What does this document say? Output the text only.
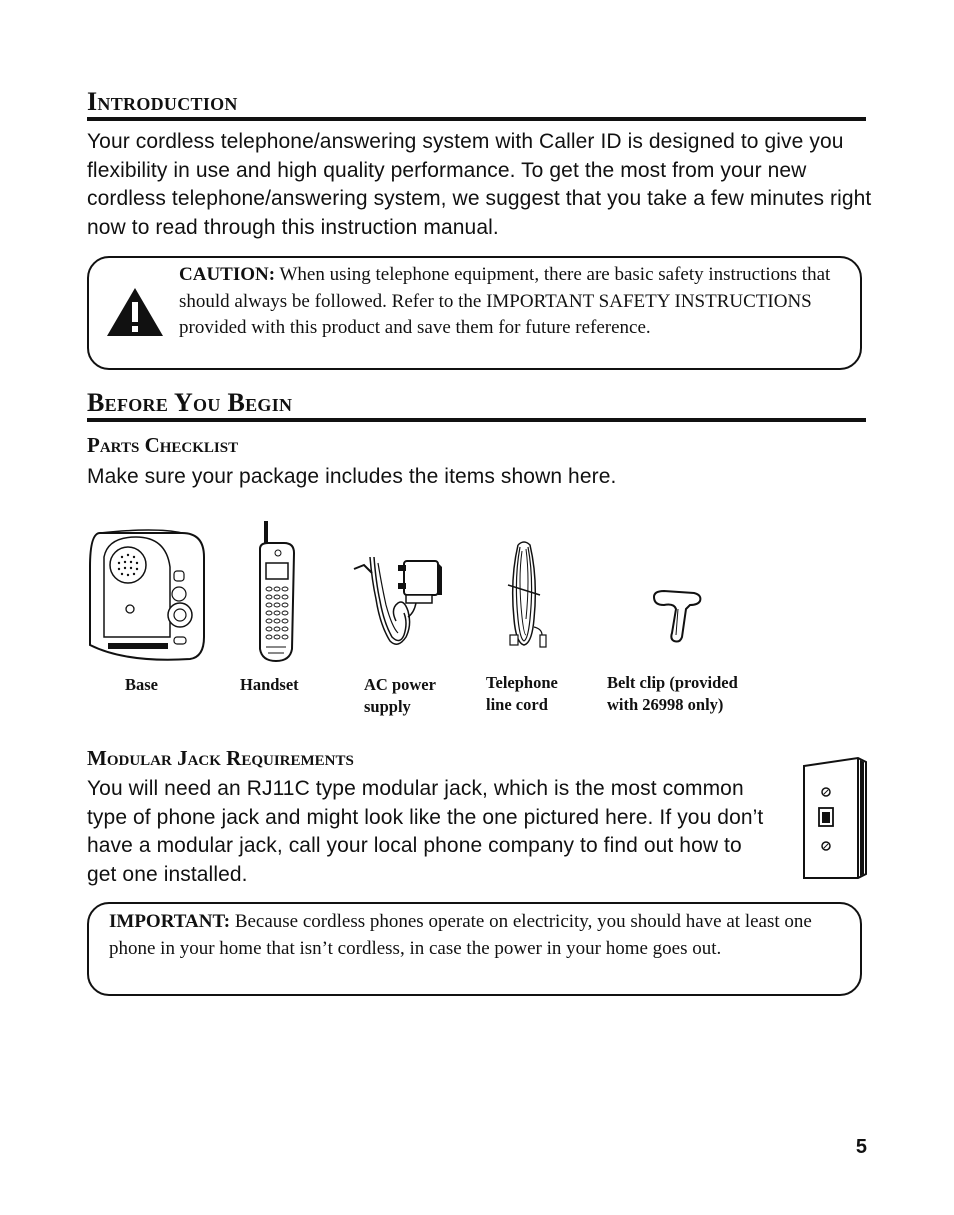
Introduction

Your cordless telephone/answering system with Caller ID is designed to give you flexibility in use and high quality performance. To get the most from your new cordless telephone/answering system, we suggest that you take a few minutes right now to read through this instruction manual.

CAUTION: When using telephone equipment, there are basic safety instructions that should always be followed. Refer to the IMPORTANT SAFETY INSTRUCTIONS provided with this product and save them for future reference.

Before You Begin
Parts Checklist

Make sure your package includes the items shown here.

Base	Handset	AC power supply
Telephone line cord
Belt clip (provided with 26998 only)
Modular Jack Requirements

You will need an RJ11C type modular jack, which is the most common type of phone jack and might look like the one pictured here. If you don’t have a modular jack, call your local phone company to find out how to get one installed.

IMPORTANT: Because cordless phones operate on electricity, you should have at least one phone in your home that isn’t cordless, in case the power in your home goes out.

5
